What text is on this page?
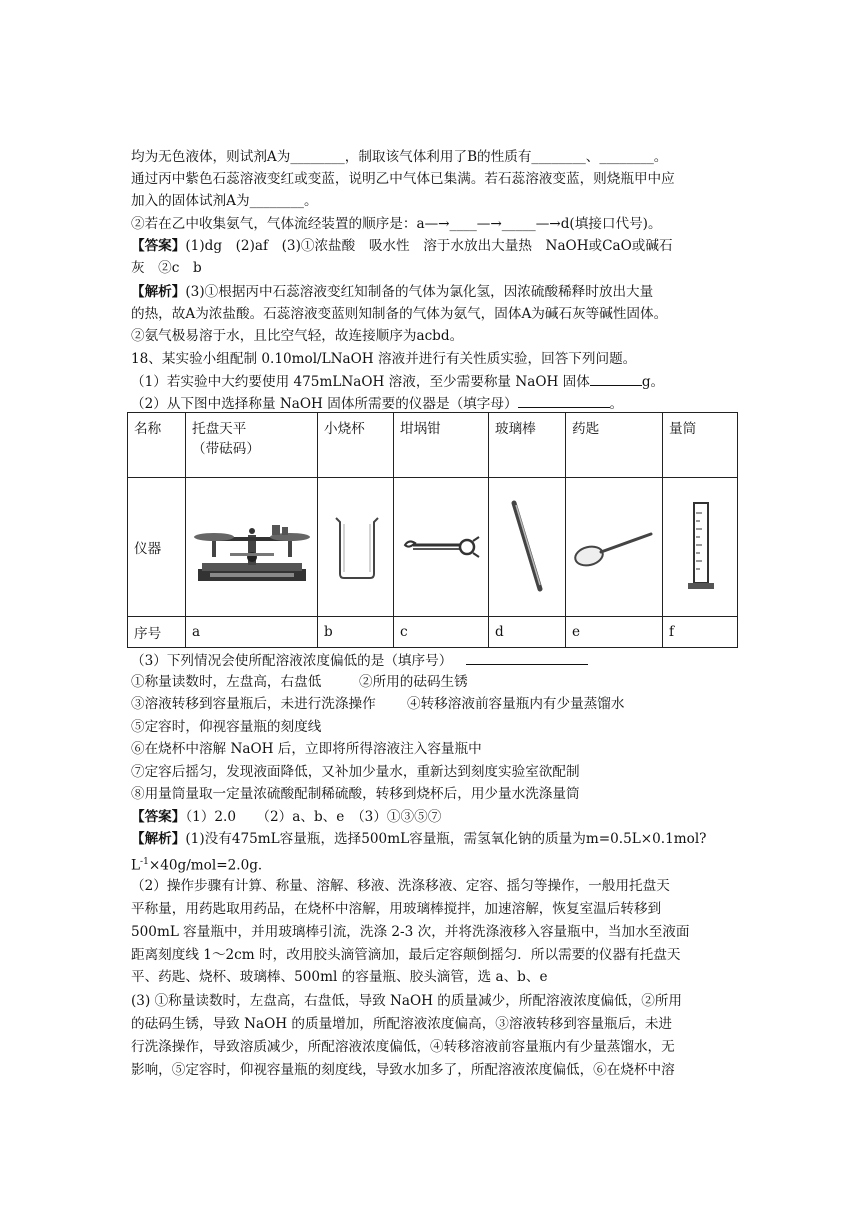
均为无色液体，则试剂A为________，制取该气体利用了B的性质有________、________。
通过丙中紫色石蕊溶液变红或变蓝，说明乙中气体已集满。若石蕊溶液变蓝，则烧瓶甲中应
加入的固体试剂A为________。
②若在乙中收集氨气，气体流经装置的顺序是：a—→____—→_____—→d(填接口代号)。
【答案】(1)dg　(2)af　(3)①浓盐酸　吸水性　溶于水放出大量热　NaOH或CaO或碱石
灰　②c　b
【解析】(3)①根据丙中石蕊溶液变红知制备的气体为氯化氢，因浓硫酸稀释时放出大量
的热，故A为浓盐酸。石蕊溶液变蓝则知制备的气体为氨气，固体A为碱石灰等碱性固体。
②氨气极易溶于水，且比空气轻，故连接顺序为acbd。
18、某实验小组配制 0.10mol/LNaOH 溶液并进行有关性质实验，回答下列问题。
（1）若实验中大约要使用 475mLNaOH 溶液，至少需要称量 NaOH 固体	g。
（2）从下图中选择称量 NaOH 固体所需要的仪器是（填字母）	。
名称	托盘天平
（带砝码）	小烧杯	坩埚钳	玻璃棒	药匙	量筒
仪器	

序号	a	b	c	d	e	f
（3）下列情况会使所配溶液浓度偏低的是（填序号）
①称量读数时，左盘高，右盘低	②所用的砝码生锈
③溶液转移到容量瓶后，未进行洗涤操作 ④转移溶液前容量瓶内有少量蒸馏水
⑤定容时，仰视容量瓶的刻度线
⑥在烧杯中溶解 NaOH 后，立即将所得溶液注入容量瓶中
⑦定容后摇匀，发现液面降低，又补加少量水，重新达到刻度实验室欲配制
⑧用量筒量取一定量浓硫酸配制稀硫酸，转移到烧杯后，用少量水洗涤量筒
【答案】（1）2.0　　（2）a、b、e　（3）①③⑤⑦
【解析】(1)没有475mL容量瓶，选择500mL容量瓶，需氢氧化钠的质量为m=0.5L×0.1mol?
$L^{-1}\times 40g/mol=2.0g$．
（2）操作步骤有计算、称量、溶解、移液、洗涤移液、定容、摇匀等操作，一般用托盘天
平称量，用药匙取用药品，在烧杯中溶解，用玻璃棒搅拌，加速溶解，恢复室温后转移到
500mL 容量瓶中，并用玻璃棒引流，洗涤 2-3 次，并将洗涤液移入容量瓶中，当加水至液面
距离刻度线 1～2cm 时，改用胶头滴管滴加，最后定容颠倒摇匀．所以需要的仪器有托盘天
平、药匙、烧杯、玻璃棒、500ml 的容量瓶、胶头滴管，选 a、b、e
(3) ①称量读数时，左盘高，右盘低，导致 NaOH 的质量减少，所配溶液浓度偏低，②所用
的砝码生锈，导致 NaOH 的质量增加，所配溶液浓度偏高，③溶液转移到容量瓶后，未进
行洗涤操作，导致溶质减少，所配溶液浓度偏低，④转移溶液前容量瓶内有少量蒸馏水，无
影响，⑤定容时，仰视容量瓶的刻度线，导致水加多了，所配溶液浓度偏低，⑥在烧杯中溶
